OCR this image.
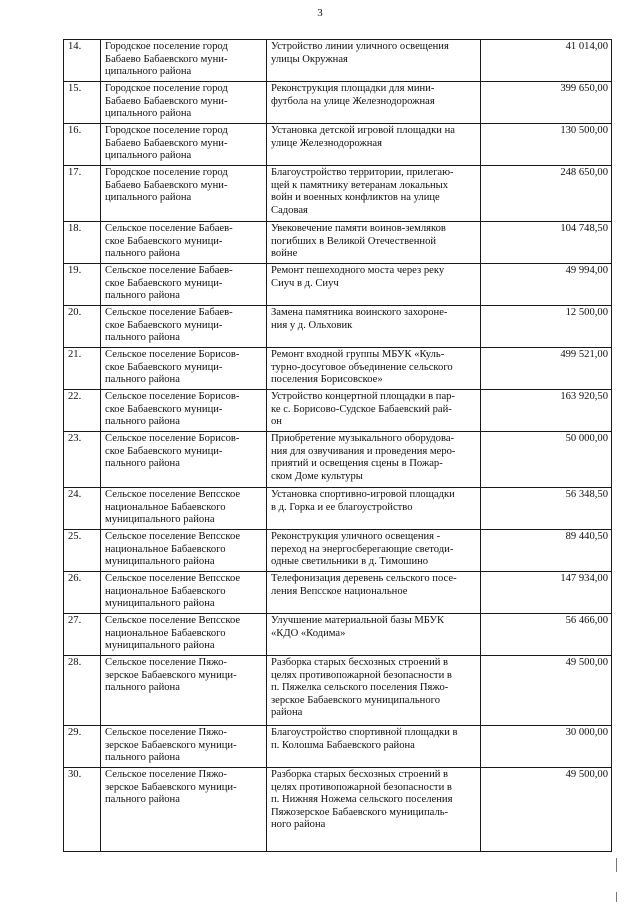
3
14.	Городское поселение город
Бабаево Бабаевского муни-
ципального района	Устройство линии уличного освещения
улицы Окружная	41 014,00
15.	Городское поселение город
Бабаево Бабаевского муни-
ципального района	Реконструкция площадки для мини-
футбола на улице Железнодорожная	399 650,00
16.	Городское поселение город
Бабаево Бабаевского муни-
ципального района	Установка детской игровой площадки на
улице Железнодорожная	130 500,00
17.	Городское поселение город
Бабаево Бабаевского муни-
ципального района	Благоустройство территории, прилегаю-
щей к памятнику ветеранам локальных
войн и военных конфликтов на улице
Садовая	248 650,00
18.	Сельское поселение Бабаев-
ское Бабаевского муници-
пального района	Увековечение памяти воинов-земляков
погибших в Великой Отечественной
войне	104 748,50
19.	Сельское поселение Бабаев-
ское Бабаевского муници-
пального района	Ремонт пешеходного моста через реку
Сиуч в д. Сиуч	49 994,00
20.	Сельское поселение Бабаев-
ское Бабаевского муници-
пального района	Замена памятника воинского захороне-
ния у д. Ольховик	12 500,00
21.	Сельское поселение Борисов-
ское Бабаевского муници-
пального района	Ремонт входной группы МБУК «Куль-
турно-досуговое объединение сельского
поселения Борисовское»	499 521,00
22.	Сельское поселение Борисов-
ское Бабаевского муници-
пального района	Устройство концертной площадки в пар-
ке с. Борисово-Судское Бабаевский рай-
он	163 920,50
23.	Сельское поселение Борисов-
ское Бабаевского муници-
пального района	Приобретение музыкального оборудова-
ния для озвучивания и проведения меро-
приятий и освещения сцены в Пожар-
ском Доме культуры	50 000,00
24.	Сельское поселение Вепсское
национальное Бабаевского
муниципального района	Установка спортивно-игровой площадки
в д. Горка и ее благоустройство	56 348,50
25.	Сельское поселение Вепсское
национальное Бабаевского
муниципального района	Реконструкция уличного освещения -
переход на энергосберегающие светоди-
одные светильники в д. Тимошино	89 440,50
26.	Сельское поселение Вепсское
национальное Бабаевского
муниципального района	Телефонизация деревень сельского посе-
ления Вепсское национальное	147 934,00
27.	Сельское поселение Вепсское
национальное Бабаевского
муниципального района	Улучшение материальной базы МБУК
«КДО «Кодима»	56 466,00
28.	Сельское поселение Пяжо-
зерское Бабаевского муници-
пального района	Разборка старых бесхозных строений в
целях противопожарной безопасности в
п. Пяжелка сельского поселения Пяжо-
зерское Бабаевского муниципального
района	49 500,00
29.	Сельское поселение Пяжо-
зерское Бабаевского муници-
пального района	Благоустройство спортивной площадки в
п. Колошма Бабаевского района	30 000,00
30.	Сельское поселение Пяжо-
зерское Бабаевского муници-
пального района	Разборка старых бесхозных строений в
целях противопожарной безопасности в
п. Нижняя Ножема сельского поселения
Пяжозерское Бабаевского муниципаль-
ного района	49 500,00
